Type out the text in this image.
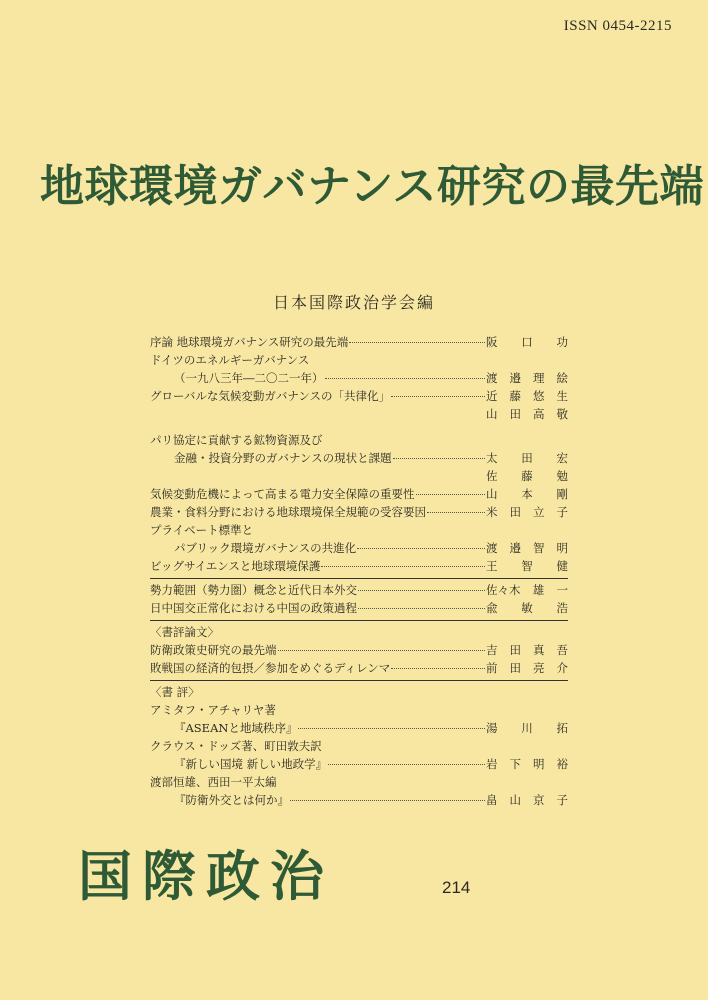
ISSN 0454-2215
地球環境ガバナンス研究の最先端
日本国際政治学会編
序論 地球環境ガバナンス研究の最先端	阪 口 功
ドイツのエネルギーガバナンス
（一九八三年―二〇二一年）	渡 邉 理 絵
グローバルな気候変動ガバナンスの「共律化」	近 藤 悠 生
山 田 高 敬
パリ協定に貢献する鉱物資源及び
金融・投資分野のガバナンスの現状と課題	太 田 宏
佐 藤 勉
気候変動危機によって高まる電力安全保障の重要性	山 本 剛
農業・食料分野における地球環境保全規範の受容要因	米 田 立 子
プライベート標準と
パブリック環境ガバナンスの共進化	渡 邉 智 明
ビッグサイエンスと地球環境保護	王 智 健
勢力範囲（勢力圏）概念と近代日本外交	佐々木 雄 一
日中国交正常化における中国の政策過程	兪 敏 浩
〈書評論文〉
防衛政策史研究の最先端	吉 田 真 吾
敗戦国の経済的包摂／参加をめぐるディレンマ	前 田 亮 介
〈書 評〉
アミタフ・アチャリヤ著
『ASEANと地域秩序』	湯 川 拓
クラウス・ドッズ著、町田敦夫訳
『新しい国境 新しい地政学』	岩 下 明 裕
渡部恒雄、西田一平太編
『防衛外交とは何か』	畠 山 京 子
国際政治	214
